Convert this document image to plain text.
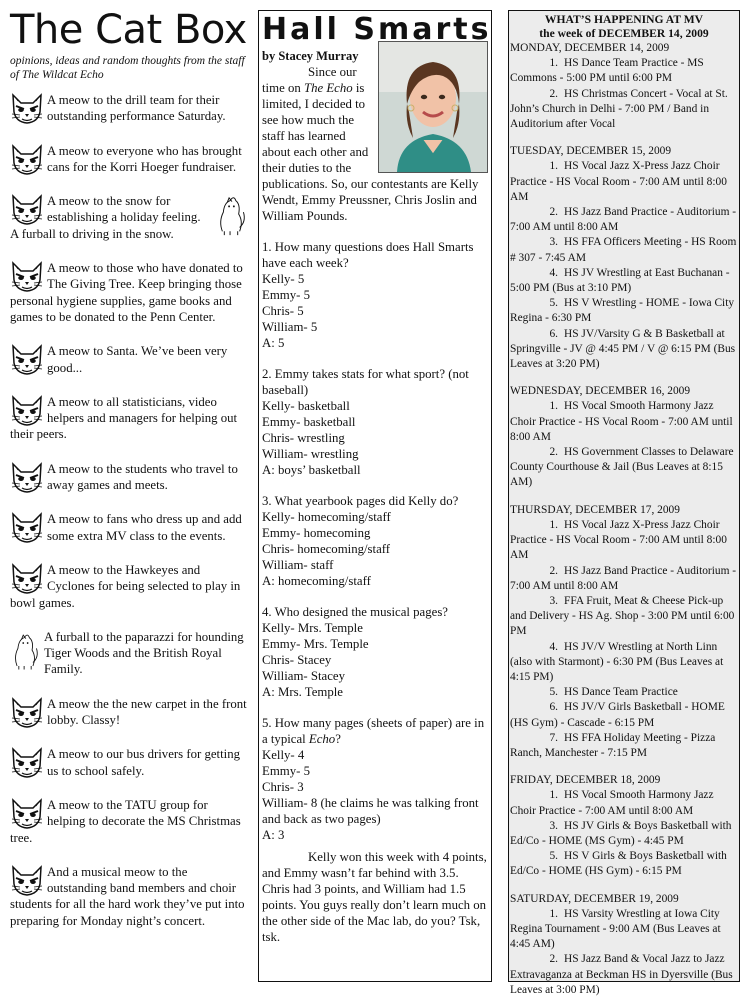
The Cat Box
opinions, ideas and random thoughts from the staff of The Wildcat Echo
A meow to the drill team for their outstanding performance Saturday.
A meow to everyone who has brought cans for the Korri Hoeger fundraiser.
A meow to the snow for establishing a holiday feeling. A furball to driving in the snow.
A meow to those who have donated to The Giving Tree. Keep bringing those personal hygiene supplies, game books and games to be donated to the Penn Center.
A meow to Santa. We’ve been very good...
A meow to all statisticians, video helpers and managers for helping out their peers.
A meow to the students who travel to away games and meets.
A meow to fans who dress up and add some extra MV class to the events.
A meow to the Hawkeyes and Cyclones for being selected to play in bowl games.
A furball to the paparazzi for hounding Tiger Woods and the British Royal Family.
A meow the the new carpet in the front lobby. Classy!
A meow to our bus drivers for getting us to school safely.
A meow to the TATU group for helping to decorate the MS Christmas tree.
And a musical meow to the outstanding band members and choir students for all the hard work they’ve put into preparing for Monday night’s concert.
Hall Smarts
by Stacey Murray

Since our time on The Echo is limited, I decided to see how much the staff has learned about each other and their duties to the publications. So, our contestants are Kelly Wendt, Emmy Preussner, Chris Joslin and William Pounds.

1. How many questions does Hall Smarts have each week?
Kelly- 5
Emmy- 5
Chris- 5
William- 5
A: 5
2. Emmy takes stats for what sport? (not baseball)
Kelly- basketball
Emmy- basketball
Chris- wrestling
William- wrestling
A: boys’ basketball
3. What yearbook pages did Kelly do?
Kelly- homecoming/staff
Emmy- homecoming
Chris- homecoming/staff
William- staff
A: homecoming/staff
4. Who designed the musical pages?
Kelly- Mrs. Temple
Emmy- Mrs. Temple
Chris- Stacey
William- Stacey
A: Mrs. Temple
5. How many pages (sheets of paper) are in a typical Echo?
Kelly- 4
Emmy- 5
Chris- 3
William- 8 (he claims he was talking front and back as two pages)
A: 3

Kelly won this week with 4 points, and Emmy wasn’t far behind with 3.5. Chris had 3 points, and William had 1.5 points. You guys really don’t learn much on the other side of the Mac lab, do you? Tsk, tsk.

WHAT’S HAPPENING AT MV
the week of DECEMBER 14, 2009
MONDAY, DECEMBER 14, 2009
1. HS Dance Team Practice - MS Commons - 5:00 PM until 6:00 PM
2. HS Christmas Concert - Vocal at St. John’s Church in Delhi - 7:00 PM / Band in Auditorium after Vocal
TUESDAY, DECEMBER 15, 2009
1. HS Vocal Jazz X-Press Jazz Choir Practice - HS Vocal Room - 7:00 AM until 8:00 AM
2. HS Jazz Band Practice - Auditorium - 7:00 AM until 8:00 AM
3. HS FFA Officers Meeting - HS Room # 307 - 7:45 AM
4. HS JV Wrestling at East Buchanan - 5:00 PM (Bus at 3:10 PM)
5. HS V Wrestling - HOME - Iowa City Regina - 6:30 PM
6. HS JV/Varsity G & B Basketball at Springville - JV @ 4:45 PM / V @ 6:15 PM (Bus Leaves at 3:20 PM)
WEDNESDAY, DECEMBER 16, 2009
1. HS Vocal Smooth Harmony Jazz Choir Practice - HS Vocal Room - 7:00 AM until 8:00 AM
2. HS Government Classes to Delaware County Courthouse & Jail (Bus Leaves at 8:15 AM)
THURSDAY, DECEMBER 17, 2009
1. HS Vocal Jazz X-Press Jazz Choir Practice - HS Vocal Room - 7:00 AM until 8:00 AM
2. HS Jazz Band Practice - Auditorium - 7:00 AM until 8:00 AM
3. FFA Fruit, Meat & Cheese Pick-up and Delivery - HS Ag. Shop - 3:00 PM until 6:00 PM
4. HS JV/V Wrestling at North Linn (also with Starmont) - 6:30 PM (Bus Leaves at 4:15 PM)
5. HS Dance Team Practice
6. HS JV/V Girls Basketball - HOME (HS Gym) - Cascade - 6:15 PM
7. HS FFA Holiday Meeting - Pizza Ranch, Manchester - 7:15 PM
FRIDAY, DECEMBER 18, 2009
1. HS Vocal Smooth Harmony Jazz Choir Practice - 7:00 AM until 8:00 AM
3. HS JV Girls & Boys Basketball with Ed/Co - HOME (MS Gym) - 4:45 PM
5. HS V Girls & Boys Basketball with Ed/Co - HOME (HS Gym) - 6:15 PM
SATURDAY, DECEMBER 19, 2009
1. HS Varsity Wrestling at Iowa City Regina Tournament - 9:00 AM (Bus Leaves at 4:45 AM)
2. HS Jazz Band & Vocal Jazz to Jazz Extravaganza at Beckman HS in Dyersville (Bus Leaves at 3:00 PM)
